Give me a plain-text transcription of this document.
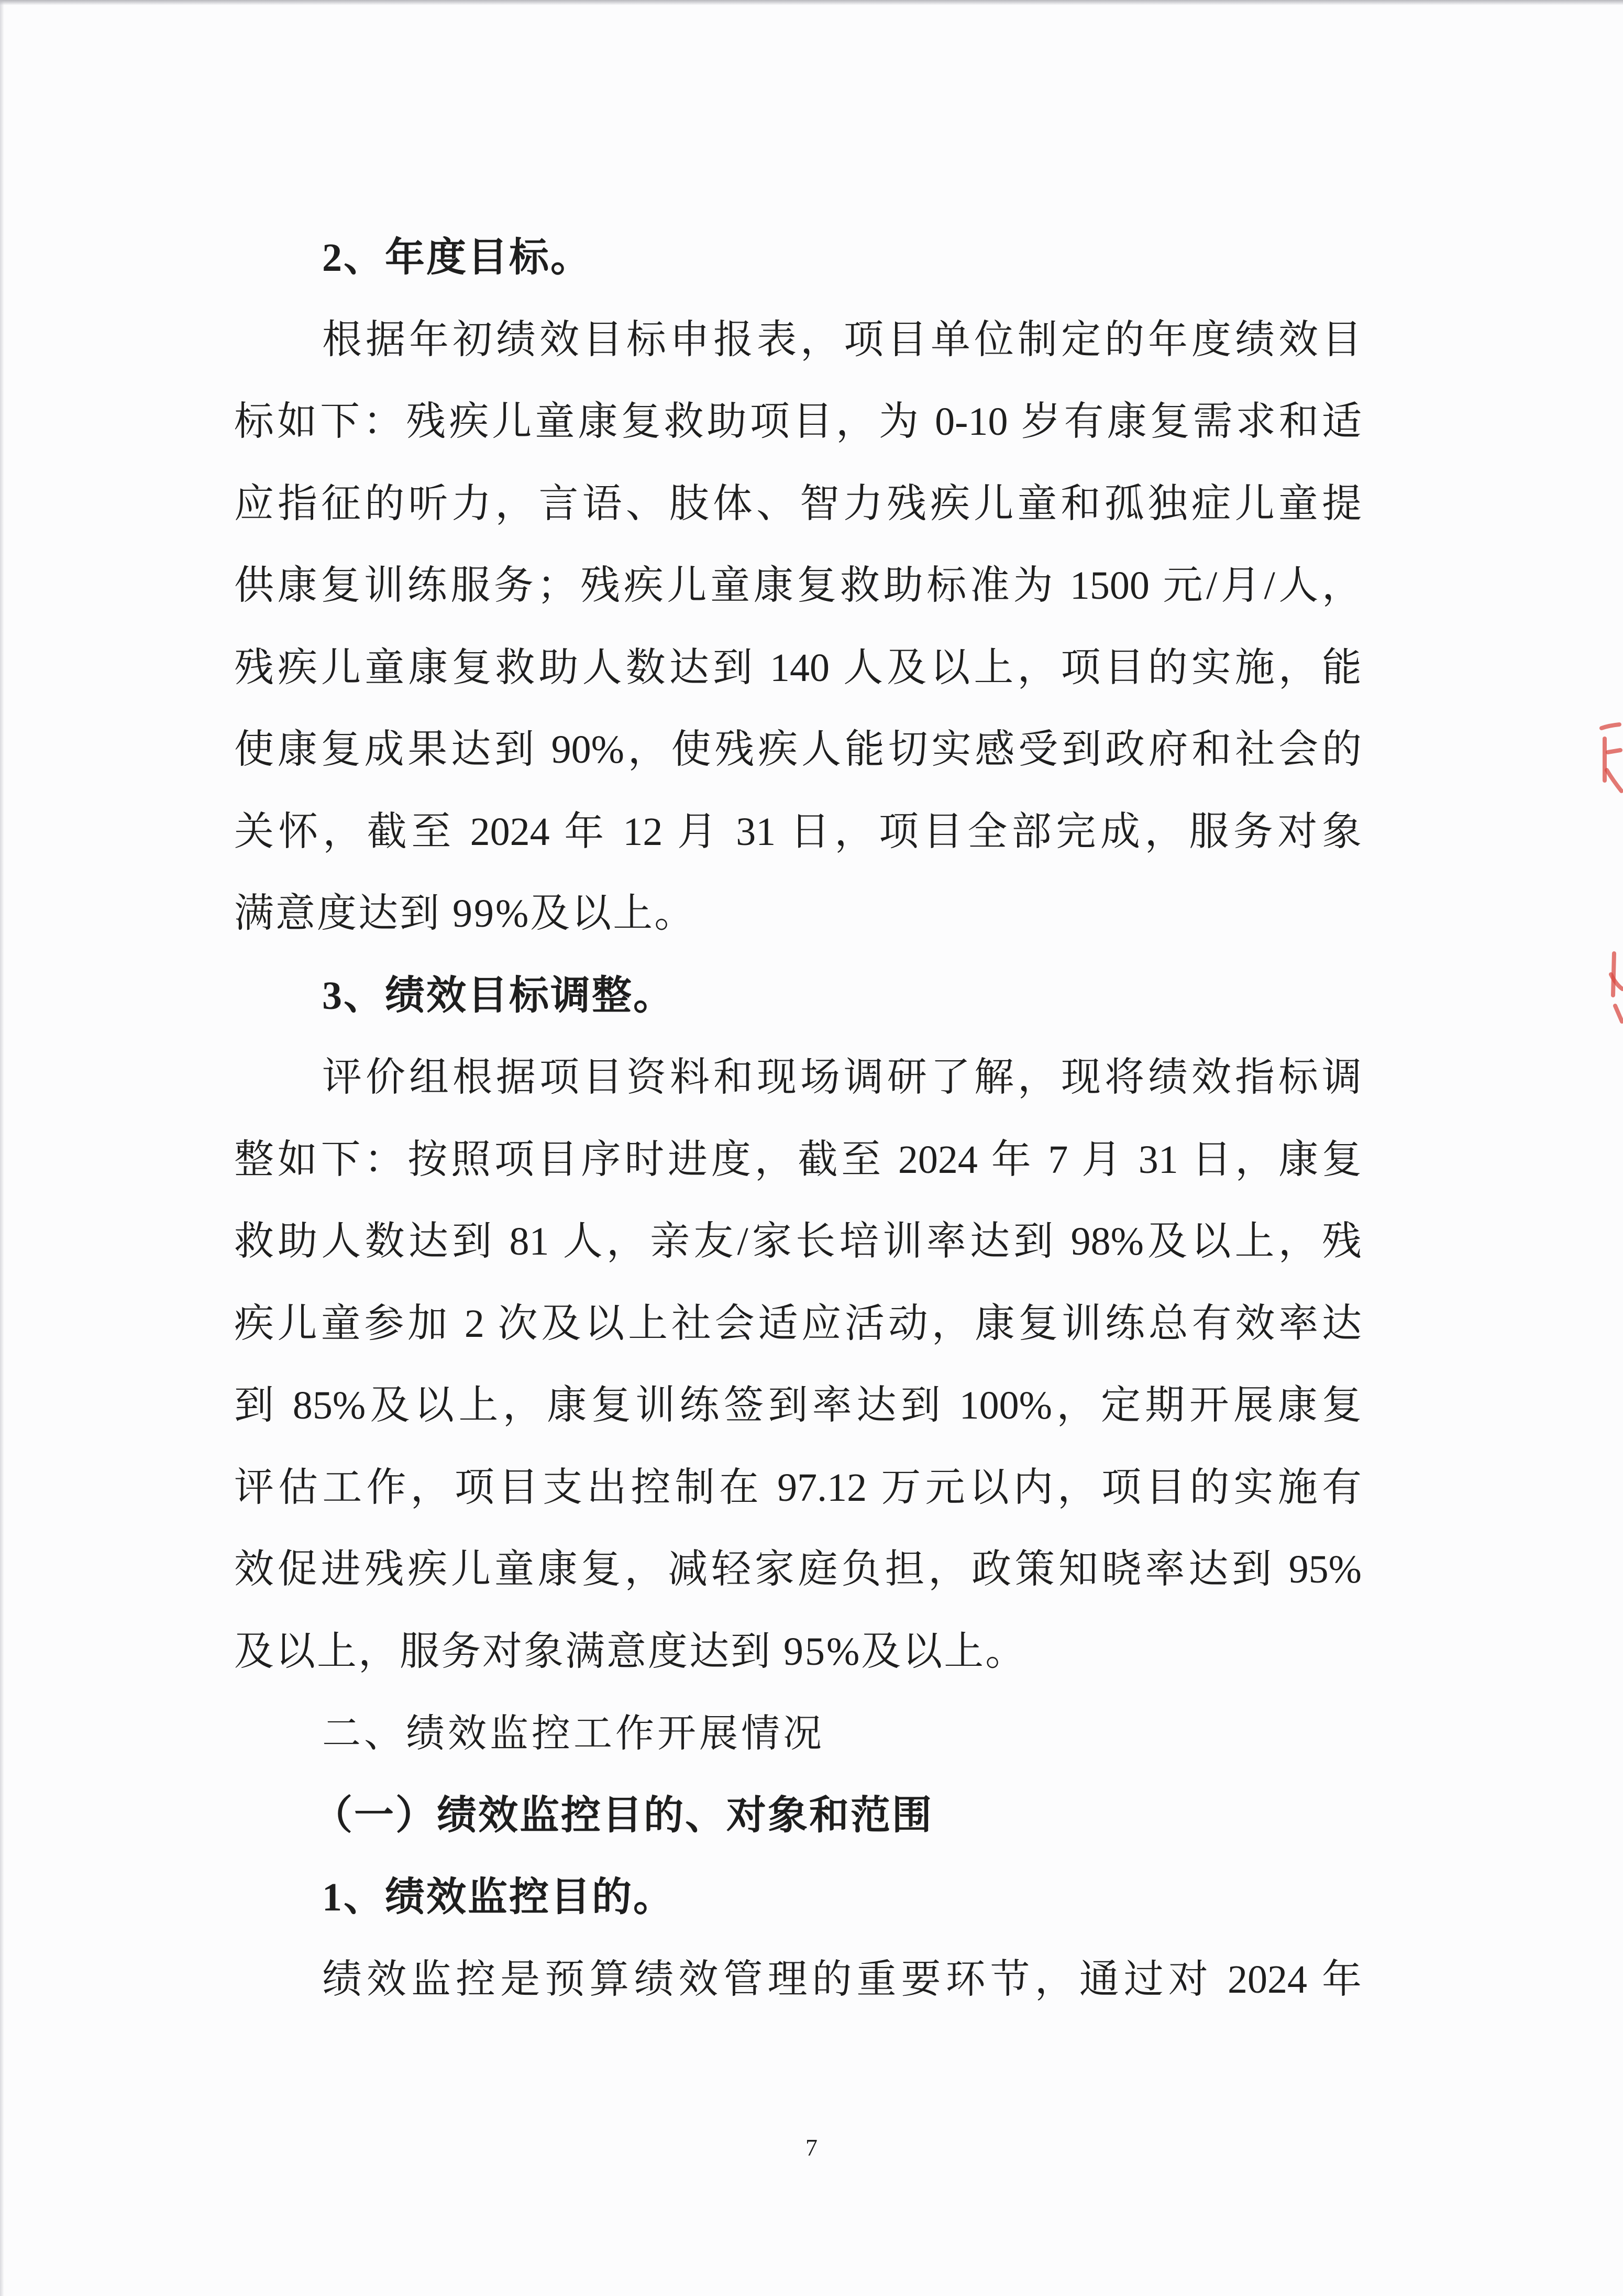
2、年度目标。
根据年初绩效目标申报表，项目单位制定的年度绩效目
标如下：残疾儿童康复救助项目，为 0-10 岁有康复需求和适
应指征的听力，言语、肢体、智力残疾儿童和孤独症儿童提
供康复训练服务；残疾儿童康复救助标准为 1500 元/月/人，
残疾儿童康复救助人数达到 140 人及以上，项目的实施，能
使康复成果达到 90%，使残疾人能切实感受到政府和社会的
关怀，截至 2024 年 12 月 31 日，项目全部完成，服务对象
满意度达到 99%及以上。
3、绩效目标调整。
评价组根据项目资料和现场调研了解，现将绩效指标调
整如下：按照项目序时进度，截至 2024 年 7 月 31 日，康复
救助人数达到 81 人，亲友/家长培训率达到 98%及以上，残
疾儿童参加 2 次及以上社会适应活动，康复训练总有效率达
到 85%及以上，康复训练签到率达到 100%，定期开展康复
评估工作，项目支出控制在 97.12 万元以内，项目的实施有
效促进残疾儿童康复，减轻家庭负担，政策知晓率达到 95%
及以上，服务对象满意度达到 95%及以上。
二、绩效监控工作开展情况
（一）绩效监控目的、对象和范围
1、绩效监控目的。
绩效监控是预算绩效管理的重要环节，通过对 2024 年
7
